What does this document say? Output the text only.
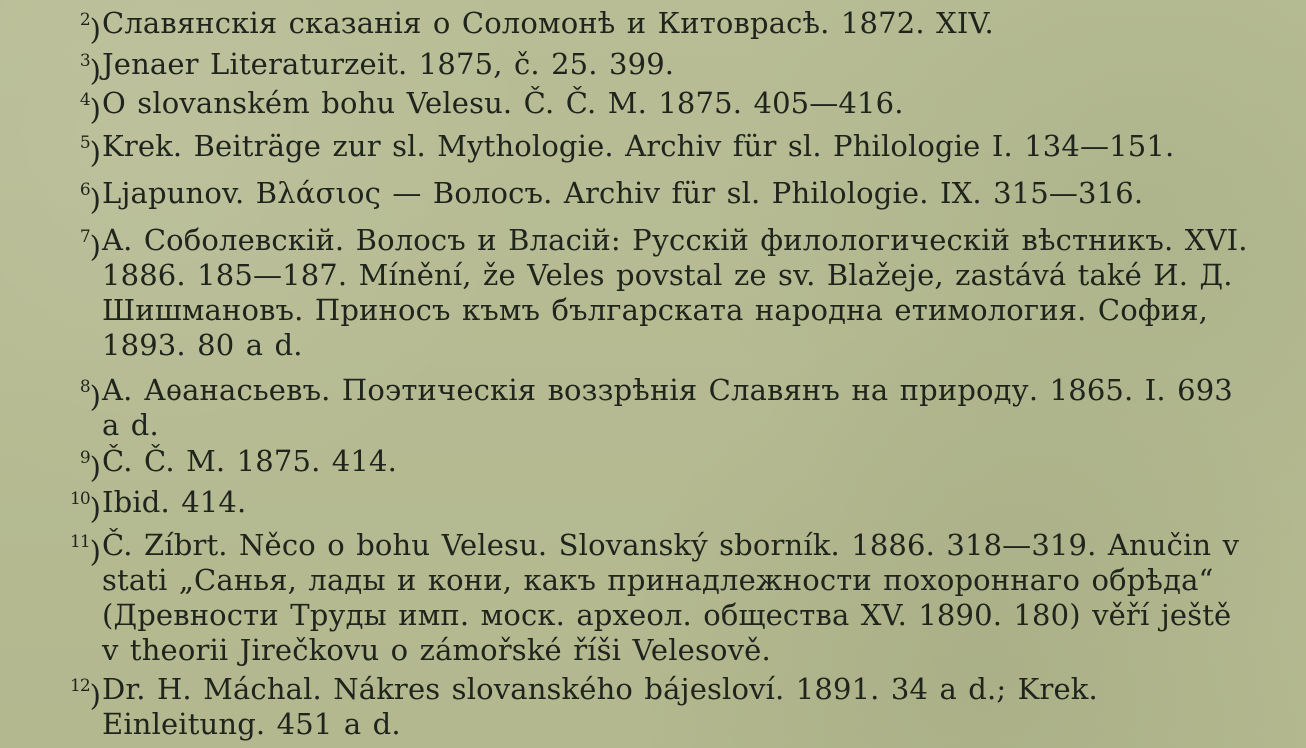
$^2$) Славянскія сказанія о Соломонѣ и Китоврасѣ. 1872. XIV.
$^3$) Jenaer Literaturzeit. 1875, č. 25. 399.
$^4$) O slovanském bohu Velesu. Č. Č. M. 1875. 405—416.
$^5$) Krek. Beiträge zur sl. Mythologie. Archiv für sl. Philologie I. 134—151.
$^6$) Ljapunov. Βλάσιος — Волосъ. Archiv für sl. Philologie. IX. 315—316.
$^7$) A. Соболевскій. Волосъ и Власій: Русскій филологическій вѣстникъ. XVI. 1886. 185—187. Mínění, že Veles povstal ze sv. Blažeje, zastává také И. Д. Шишмановъ. Приносъ къмъ българската народна етимология. София, 1893. 80 a d.
$^8$) A. Аѳанасьевъ. Поэтическія воззрѣнія Славянъ на природу. 1865. I. 693 a d.
$^9$) Č. Č. M. 1875. 414.
$^{10}$) Ibid. 414.
$^{11}$) Č. Zíbrt. Něco o bohu Velesu. Slovanský sborník. 1886. 318—319. Anučin v stati „Санья, лады и кони, какъ принадлежности похороннаго обрѣда“ (Древности Труды имп. моск. археол. общества XV. 1890. 180) věří ještě v theorii Jirečkovu o zámořské říši Velesově.
$^{12}$) Dr. H. Máchal. Nákres slovanského bájesloví. 1891. 34 a d.; Krek. Einleitung. 451 a d.
